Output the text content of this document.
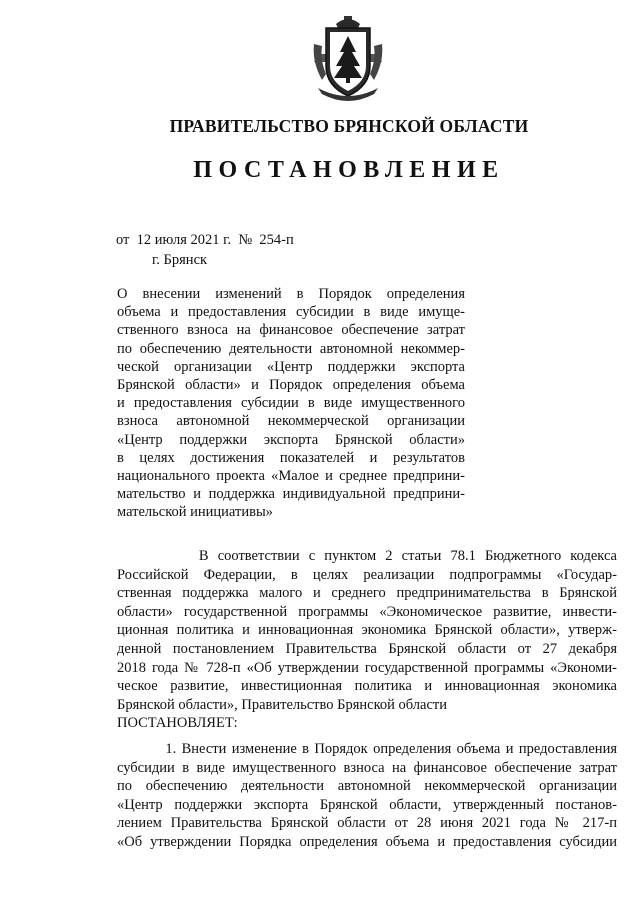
ПРАВИТЕЛЬСТВО БРЯНСКОЙ ОБЛАСТИ
ПОСТАНОВЛЕНИЕ
от  12 июля 2021 г.  №  254-п
г. Брянск
О внесении изменений в Порядок определения
объема и предоставления субсидии в виде имуще-
ственного взноса на финансовое обеспечение затрат
по обеспечению деятельности автономной некоммер-
ческой организации «Центр поддержки экспорта
Брянской области» и Порядок определения объема
и предоставления субсидии в виде имущественного
взноса автономной некоммерческой организации
«Центр поддержки экспорта Брянской области»
в целях достижения показателей и результатов
национального проекта «Малое и среднее предприни-
мательство и поддержка индивидуальной предприни-
мательской инициативы»
В соответствии с пунктом 2 статьи 78.1 Бюджетного кодекса
Российской Федерации, в целях реализации подпрограммы «Государ-
ственная поддержка малого и среднего предпринимательства в Брянской
области» государственной программы «Экономическое развитие, инвести-
ционная политика и инновационная экономика Брянской области», утверж-
денной постановлением Правительства Брянской области от 27 декабря
2018 года № 728-п «Об утверждении государственной программы «Экономи-
ческое развитие, инвестиционная политика и инновационная экономика
Брянской области», Правительство Брянской области
ПОСТАНОВЛЯЕТ:
1. Внести изменение в Порядок определения объема и предоставления
субсидии в виде имущественного взноса на финансовое обеспечение затрат
по обеспечению деятельности автономной некоммерческой организации
«Центр поддержки экспорта Брянской области, утвержденный постанов-
лением Правительства Брянской области от 28 июня 2021 года № 217-п
«Об утверждении Порядка определения объема и предоставления субсидии
